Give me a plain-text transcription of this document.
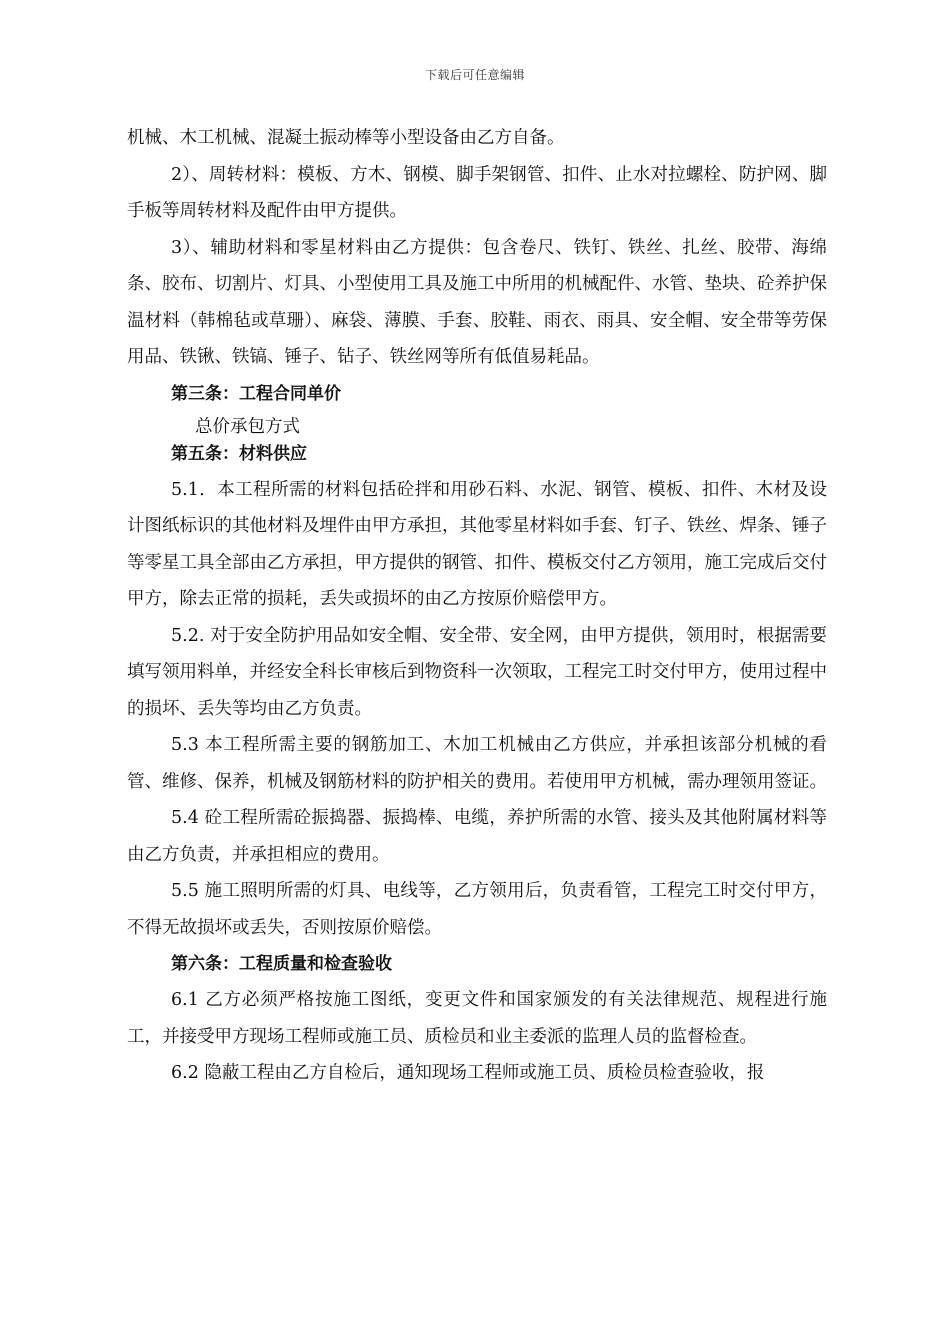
下载后可任意编辑

机械、木工机械、混凝土振动棒等小型设备由乙方自备。

2）、周转材料：模板、方木、钢模、脚手架钢管、扣件、止水对拉螺栓、防护网、脚手板等周转材料及配件由甲方提供。

3）、辅助材料和零星材料由乙方提供：包含卷尺、铁钉、铁丝、扎丝、胶带、海绵条、胶布、切割片、灯具、小型使用工具及施工中所用的机械配件、水管、垫块、砼养护保温材料（韩棉毡或草珊）、麻袋、薄膜、手套、胶鞋、雨衣、雨具、安全帽、安全带等劳保用品、铁锹、铁镐、锤子、钻子、铁丝网等所有低值易耗品。

第三条：工程合同单价

总价承包方式

第五条：材料供应

5.1．本工程所需的材料包括砼拌和用砂石料、水泥、钢管、模板、扣件、木材及设计图纸标识的其他材料及埋件由甲方承担，其他零星材料如手套、钉子、铁丝、焊条、锤子等零星工具全部由乙方承担，甲方提供的钢管、扣件、模板交付乙方领用，施工完成后交付甲方，除去正常的损耗，丢失或损坏的由乙方按原价赔偿甲方。

5.2. 对于安全防护用品如安全帽、安全带、安全网，由甲方提供，领用时，根据需要填写领用料单，并经安全科长审核后到物资科一次领取，工程完工时交付甲方，使用过程中的损坏、丢失等均由乙方负责。

5.3 本工程所需主要的钢筋加工、木加工机械由乙方供应，并承担该部分机械的看管、维修、保养，机械及钢筋材料的防护相关的费用。若使用甲方机械，需办理领用签证。

5.4 砼工程所需砼振捣器、振捣棒、电缆，养护所需的水管、接头及其他附属材料等由乙方负责，并承担相应的费用。

5.5 施工照明所需的灯具、电线等，乙方领用后，负责看管，工程完工时交付甲方，不得无故损坏或丢失，否则按原价赔偿。

第六条：工程质量和检查验收

6.1 乙方必须严格按施工图纸，变更文件和国家颁发的有关法律规范、规程进行施工，并接受甲方现场工程师或施工员、质检员和业主委派的监理人员的监督检查。

6.2 隐蔽工程由乙方自检后，通知现场工程师或施工员、质检员检查验收，报
